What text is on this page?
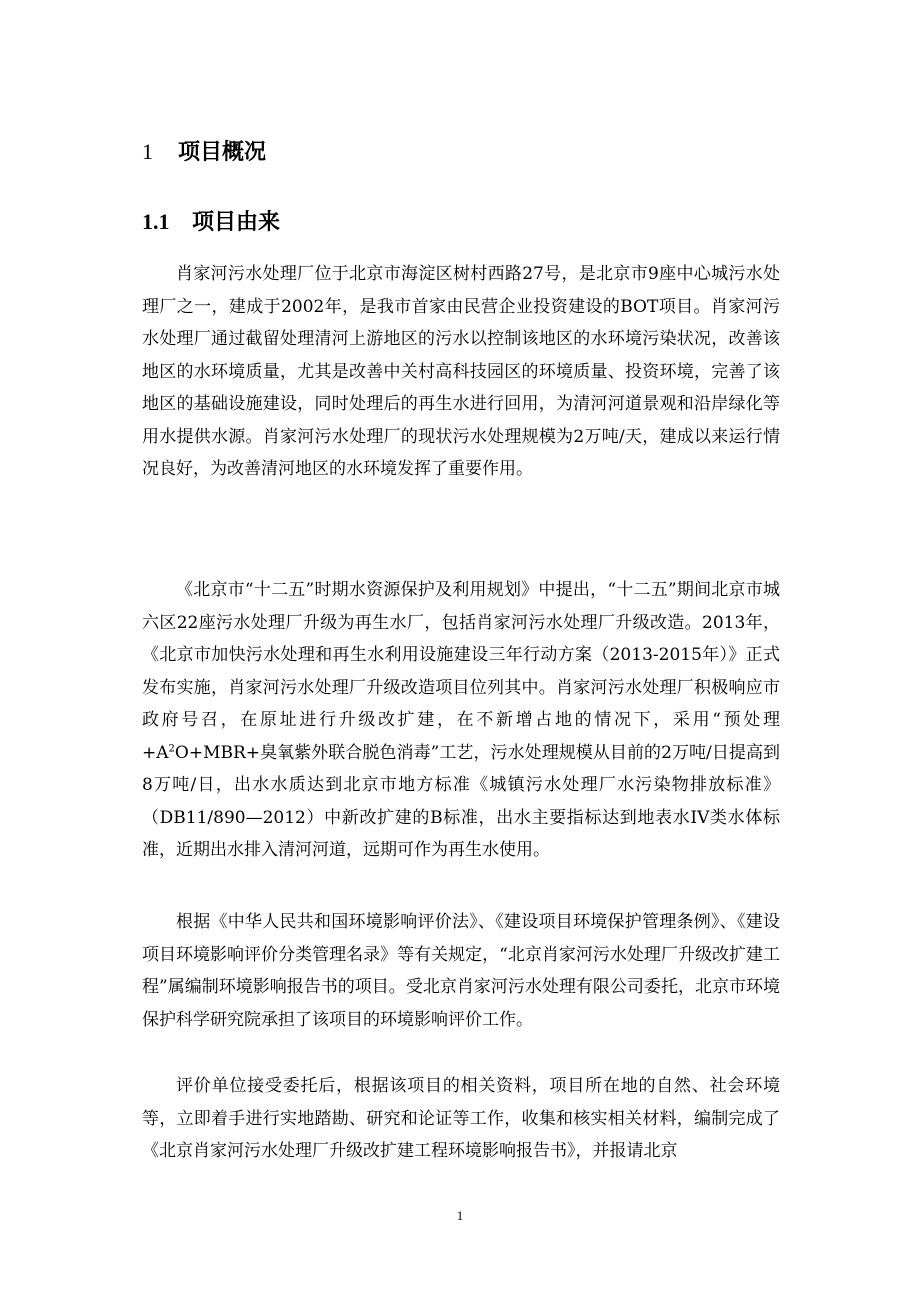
1 项目概况
1.1 项目由来

肖家河污水处理厂位于北京市海淀区树村西路27号，是北京市9座中心城污水处理厂之一，建成于2002年，是我市首家由民营企业投资建设的BOT项目。肖家河污水处理厂通过截留处理清河上游地区的污水以控制该地区的水环境污染状况，改善该地区的水环境质量，尤其是改善中关村高科技园区的环境质量、投资环境，完善了该地区的基础设施建设，同时处理后的再生水进行回用，为清河河道景观和沿岸绿化等用水提供水源。肖家河污水处理厂的现状污水处理规模为2万吨/天，建成以来运行情况良好，为改善清河地区的水环境发挥了重要作用。

《北京市“十二五”时期水资源保护及利用规划》中提出，“十二五”期间北京市城六区22座污水处理厂升级为再生水厂，包括肖家河污水处理厂升级改造。2013年，《北京市加快污水处理和再生水利用设施建设三年行动方案（2013-2015年）》正式发布实施，肖家河污水处理厂升级改造项目位列其中。肖家河污水处理厂积极响应市政府号召，在原址进行升级改扩建，在不新增占地的情况下，采用“预处理$+A^2O+MBR+$臭氧紫外联合脱色消毒”工艺，污水处理规模从目前的2万吨/日提高到8万吨/日，出水水质达到北京市地方标准《城镇污水处理厂水污染物排放标准》（DB11/890—2012）中新改扩建的B标准，出水主要指标达到地表水IV类水体标准，近期出水排入清河河道，远期可作为再生水使用。

根据《中华人民共和国环境影响评价法》、《建设项目环境保护管理条例》、《建设项目环境影响评价分类管理名录》等有关规定，“北京肖家河污水处理厂升级改扩建工程”属编制环境影响报告书的项目。受北京肖家河污水处理有限公司委托，北京市环境保护科学研究院承担了该项目的环境影响评价工作。

评价单位接受委托后，根据该项目的相关资料，项目所在地的自然、社会环境等，立即着手进行实地踏勘、研究和论证等工作，收集和核实相关材料，编制完成了《北京肖家河污水处理厂升级改扩建工程环境影响报告书》，并报请北京

1
